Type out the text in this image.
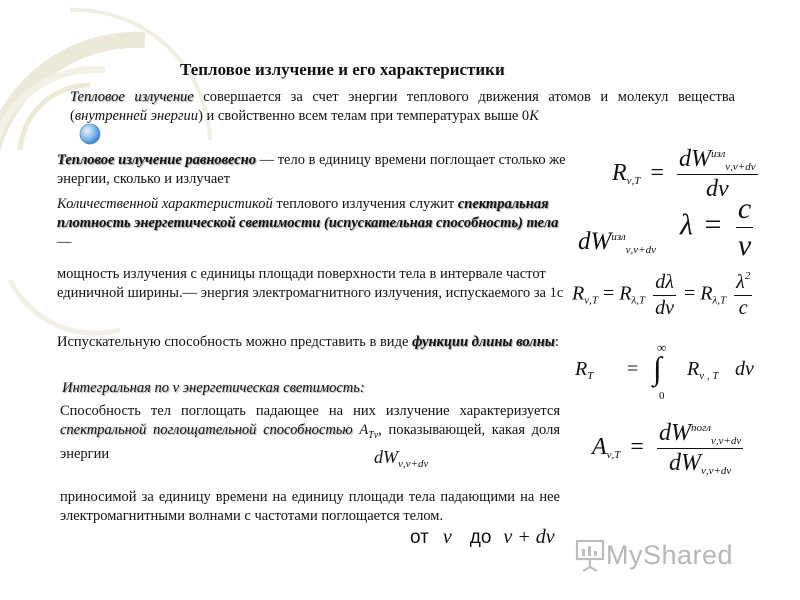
Тепловое излучение и его характеристики
Тепловое излучение совершается за счет энергии теплового движения атомов и молекул вещества (внутренней энергии) и свойственно всем телам при температурах выше 0K
Тепловое излучение равновесно — тело в единицу времени поглощает столько же энергии, сколько и излучает
Количественной характеристикой теплового излучения служит спектральная плотность энергетической светимости (испускательная способность) тела —
мощность излучения с единицы площади поверхности тела в интервале частот единичной ширины.— энергия электромагнитного излучения, испускаемого за 1с
Испускательную способность можно представить в виде функции длины волны:
Интегральная по ν энергетическая светимость:
Способность тел поглощать падающее на них излучение характеризуется спектральной поглощательной способностью $A_{T\nu}$, показывающей, какая доля энергии
приносимой за единицу времени на единицу площади тела падающими на нее электромагнитными волнами с частотами поглощается телом.
от ν до ν + dν
$R_{\nu,T} = \frac{dW^{изл}_{\nu,\nu+d\nu}}{d\nu}$
$dW^{изл}_{\nu,\nu+d\nu}$
$\lambda = \frac{c}{\nu}$
$R_{\nu,T} = R_{\lambda,T} \frac{d\lambda}{d\nu} = R_{\lambda,T} \frac{\lambda^2}{c}$
$R_T$ =
∞
∫
0
$R_{\nu , T}$ dν
$A_{\nu,T} = \frac{dW^{погл}_{\nu,\nu+d\nu}}{dW_{\nu,\nu+d\nu}}$
$dW_{\nu,\nu+d\nu}$
MyShared
